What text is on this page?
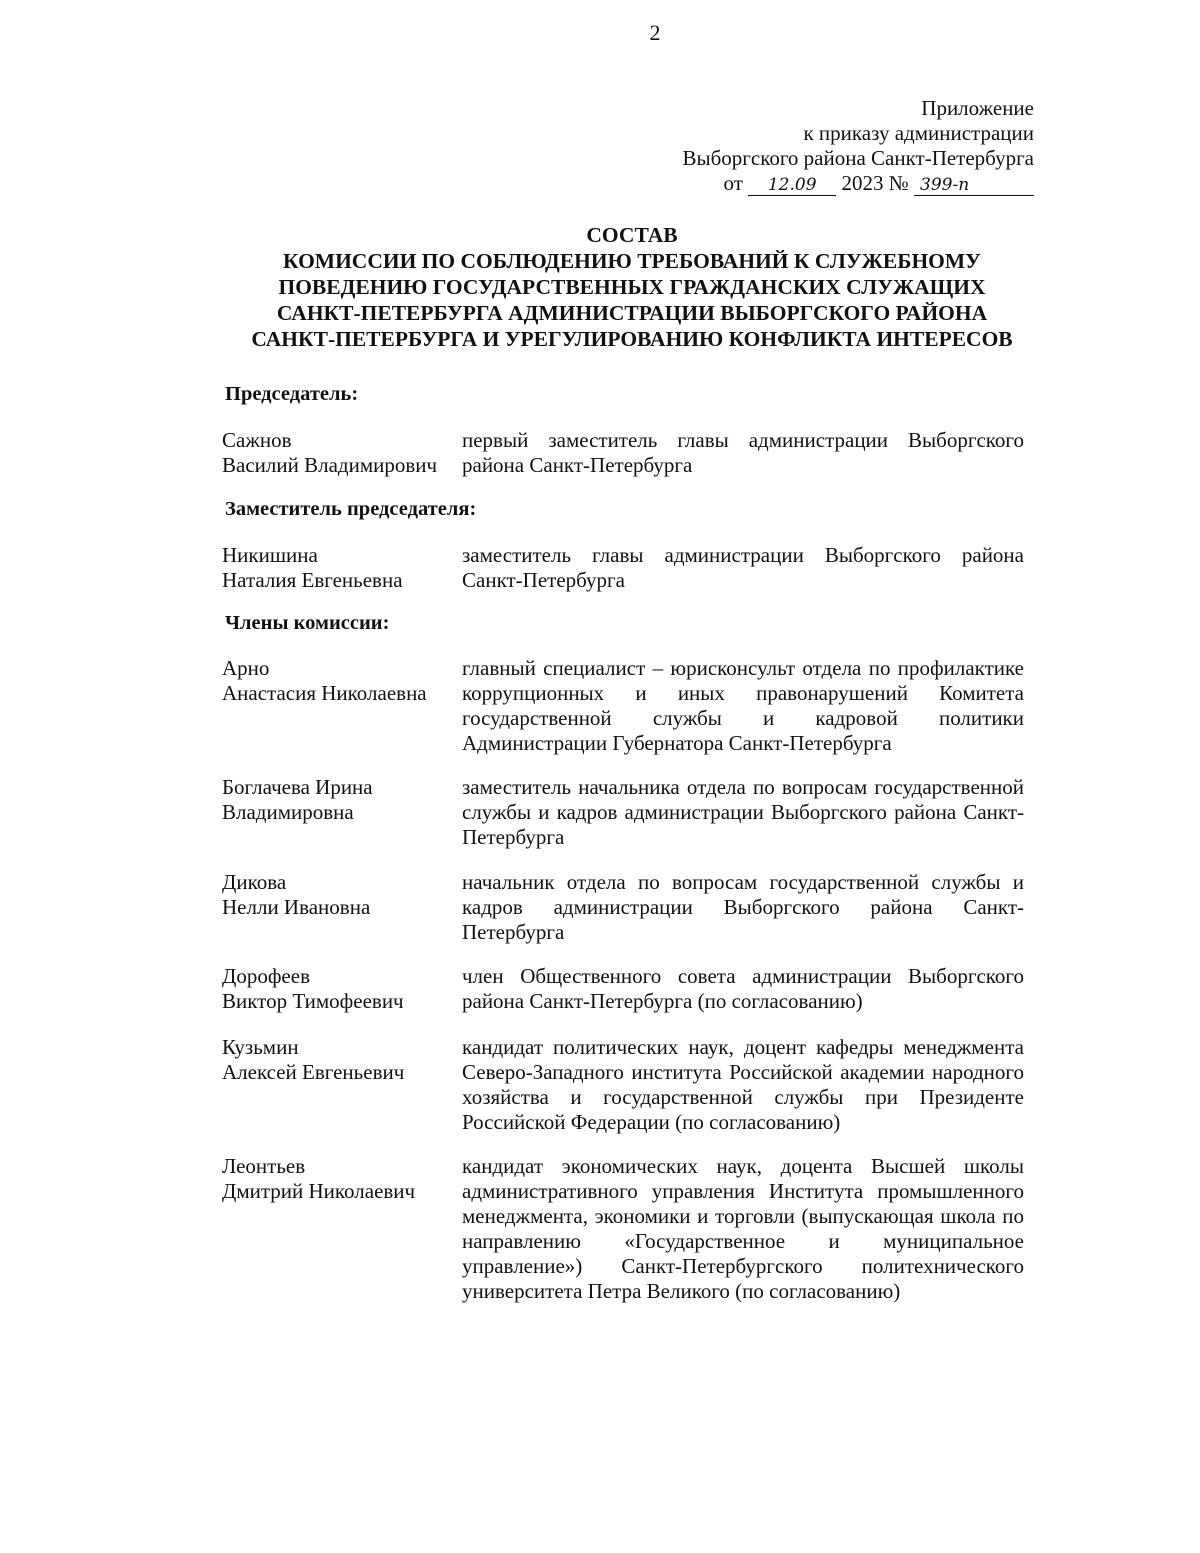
2
Приложение
к приказу администрации
Выборгского района Санкт-Петербурга
от 12.09 2023 № 399-п
СОСТАВ
КОМИССИИ ПО СОБЛЮДЕНИЮ ТРЕБОВАНИЙ К СЛУЖЕБНОМУ
ПОВЕДЕНИЮ ГОСУДАРСТВЕННЫХ ГРАЖДАНСКИХ СЛУЖАЩИХ
САНКТ-ПЕТЕРБУРГА АДМИНИСТРАЦИИ ВЫБОРГСКОГО РАЙОНА
САНКТ-ПЕТЕРБУРГА И УРЕГУЛИРОВАНИЮ КОНФЛИКТА ИНТЕРЕСОВ
Председатель:
Сажнов
Василий Владимирович
первый заместитель главы администрации Выборгского района Санкт-Петербурга
Заместитель председателя:
Никишина
Наталия Евгеньевна
заместитель главы администрации Выборгского района Санкт-Петербурга
Члены комиссии:
Арно
Анастасия Николаевна
главный специалист – юрисконсульт отдела по профилактике коррупционных и иных правонарушений Комитета государственной службы и кадровой политики Администрации Губернатора Санкт-Петербурга
Боглачева Ирина
Владимировна
заместитель начальника отдела по вопросам государственной службы и кадров администрации Выборгского района Санкт-Петербурга
Дикова
Нелли Ивановна
начальник отдела по вопросам государственной службы и кадров администрации Выборгского района Санкт-Петербурга
Дорофеев
Виктор Тимофеевич
член Общественного совета администрации Выборгского района Санкт-Петербурга (по согласованию)
Кузьмин
Алексей Евгеньевич
кандидат политических наук, доцент кафедры менеджмента Северо-Западного института Российской академии народного хозяйства и государственной службы при Президенте Российской Федерации (по согласованию)
Леонтьев
Дмитрий Николаевич
кандидат экономических наук, доцента Высшей школы административного управления Института промышленного менеджмента, экономики и торговли (выпускающая школа по направлению «Государственное и муниципальное управление») Санкт-Петербургского политехнического университета Петра Великого (по согласованию)
